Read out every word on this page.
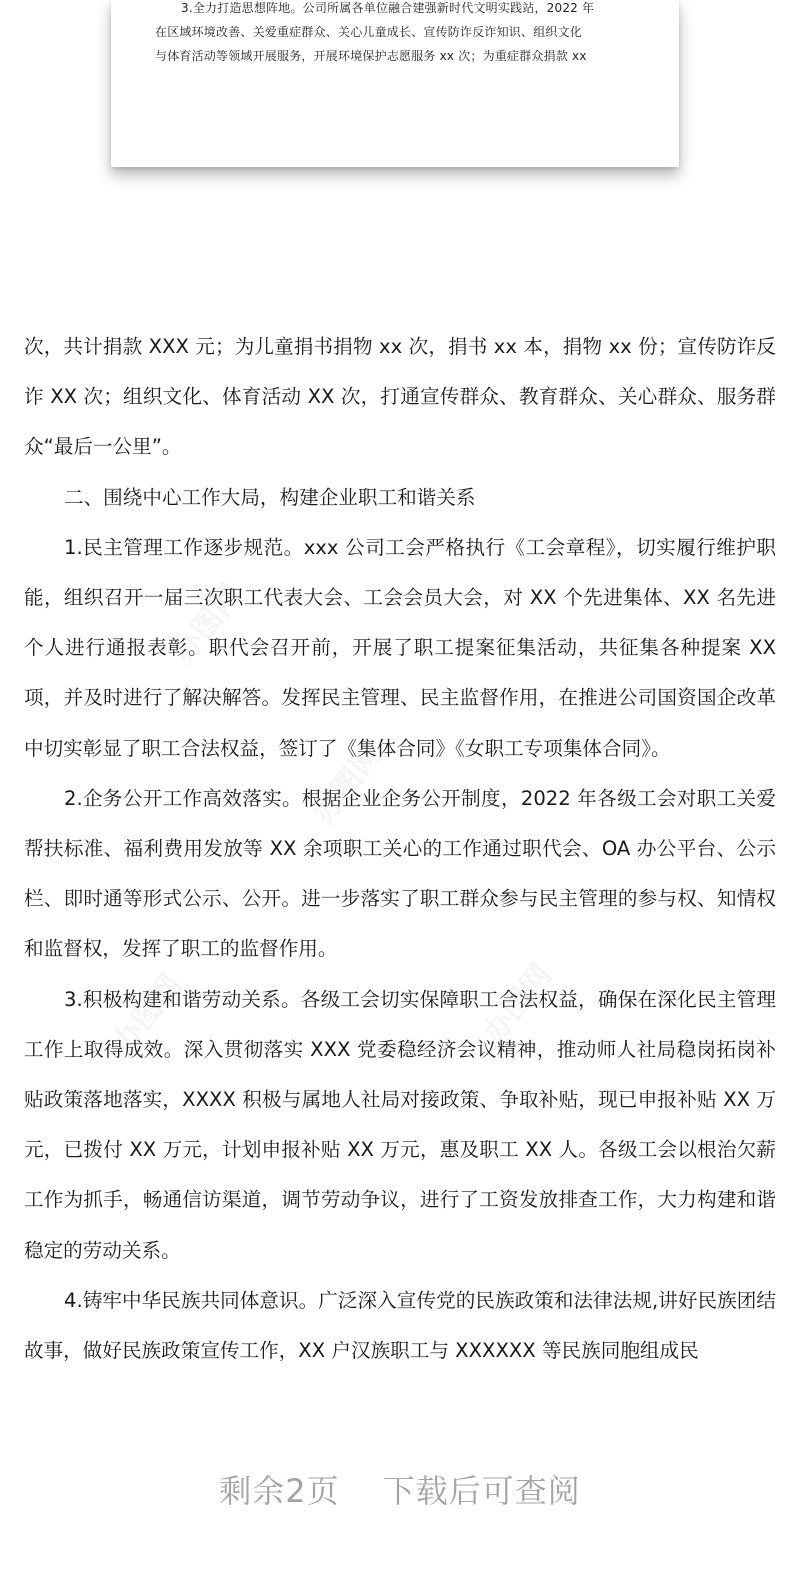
3.全力打造思想阵地。公司所属各单位融合建强新时代文明实践站，2022 年

在区域环境改善、关爱重症群众、关心儿童成长、宣传防诈反诈知识、组织文化

与体育活动等领域开展服务，开展环境保护志愿服务 xx 次；为重症群众捐款 xx

次，共计捐款 XXX 元；为儿童捐书捐物 xx 次，捐书 xx 本，捐物 xx 份；宣传防诈反诈 XX 次；组织文化、体育活动 XX 次，打通宣传群众、教育群众、关心群众、服务群众“最后一公里”。

二、围绕中心工作大局，构建企业职工和谐关系

1.民主管理工作逐步规范。xxx 公司工会严格执行《工会章程》，切实履行维护职能，组织召开一届三次职工代表大会、工会会员大会，对 XX 个先进集体、XX 名先进个人进行通报表彰。职代会召开前，开展了职工提案征集活动，共征集各种提案 XX 项，并及时进行了解决解答。发挥民主管理、民主监督作用，在推进公司国资国企改革中切实彰显了职工合法权益，签订了《集体合同》《女职工专项集体合同》。

2.企务公开工作高效落实。根据企业企务公开制度，2022 年各级工会对职工关爱帮扶标准、福利费用发放等 XX 余项职工关心的工作通过职代会、OA 办公平台、公示栏、即时通等形式公示、公开。进一步落实了职工群众参与民主管理的参与权、知情权和监督权，发挥了职工的监督作用。

3.积极构建和谐劳动关系。各级工会切实保障职工合法权益，确保在深化民主管理工作上取得成效。深入贯彻落实 XXX 党委稳经济会议精神，推动师人社局稳岗拓岗补贴政策落地落实，XXXX 积极与属地人社局对接政策、争取补贴，现已申报补贴 XX 万元，已拨付 XX 万元，计划申报补贴 XX 万元，惠及职工 XX 人。各级工会以根治欠薪工作为抓手，畅通信访渠道，调节劳动争议，进行了工资发放排查工作，大力构建和谐稳定的劳动关系。

4.铸牢中华民族共同体意识。广泛深入宣传党的民族政策和法律法规,讲好民族团结故事，做好民族政策宣传工作，XX 户汉族职工与 XXXXXX 等民族同胞组成民

办图网
办图网
办图网
办图网
剩余2页 下载后可查阅
